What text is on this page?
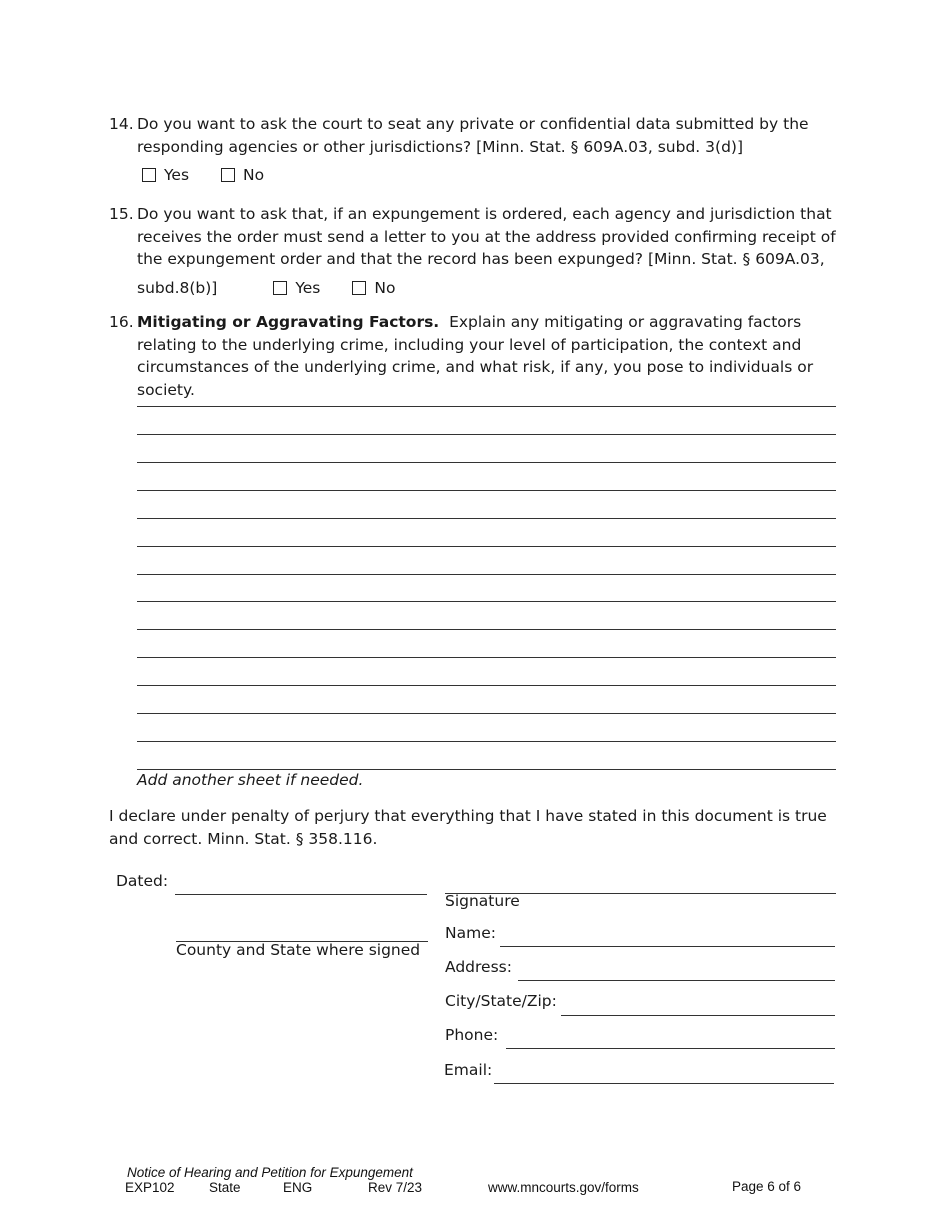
14. Do you want to ask the court to seat any private or confidential data submitted by the responding agencies or other jurisdictions? [Minn. Stat. § 609A.03, subd. 3(d)]
Yes	No
15. Do you want to ask that, if an expungement is ordered, each agency and jurisdiction that receives the order must send a letter to you at the address provided confirming receipt of the expungement order and that the record has been expunged? [Minn. Stat. § 609A.03,
subd.8(b)]	Yes	No
16. Mitigating or Aggravating Factors. Explain any mitigating or aggravating factors relating to the underlying crime, including your level of participation, the context and circumstances of the underlying crime, and what risk, if any, you pose to individuals or society.
Add another sheet if needed.
I declare under penalty of perjury that everything that I have stated in this document is true and correct. Minn. Stat. § 358.116.
Dated:
County and State where signed
Signature
Name:
Address:
City/State/Zip:
Phone:
Email:
Notice of Hearing and Petition for Expungement
EXP102	State	ENG	Rev 7/23	www.mncourts.gov/forms	Page 6 of 6
